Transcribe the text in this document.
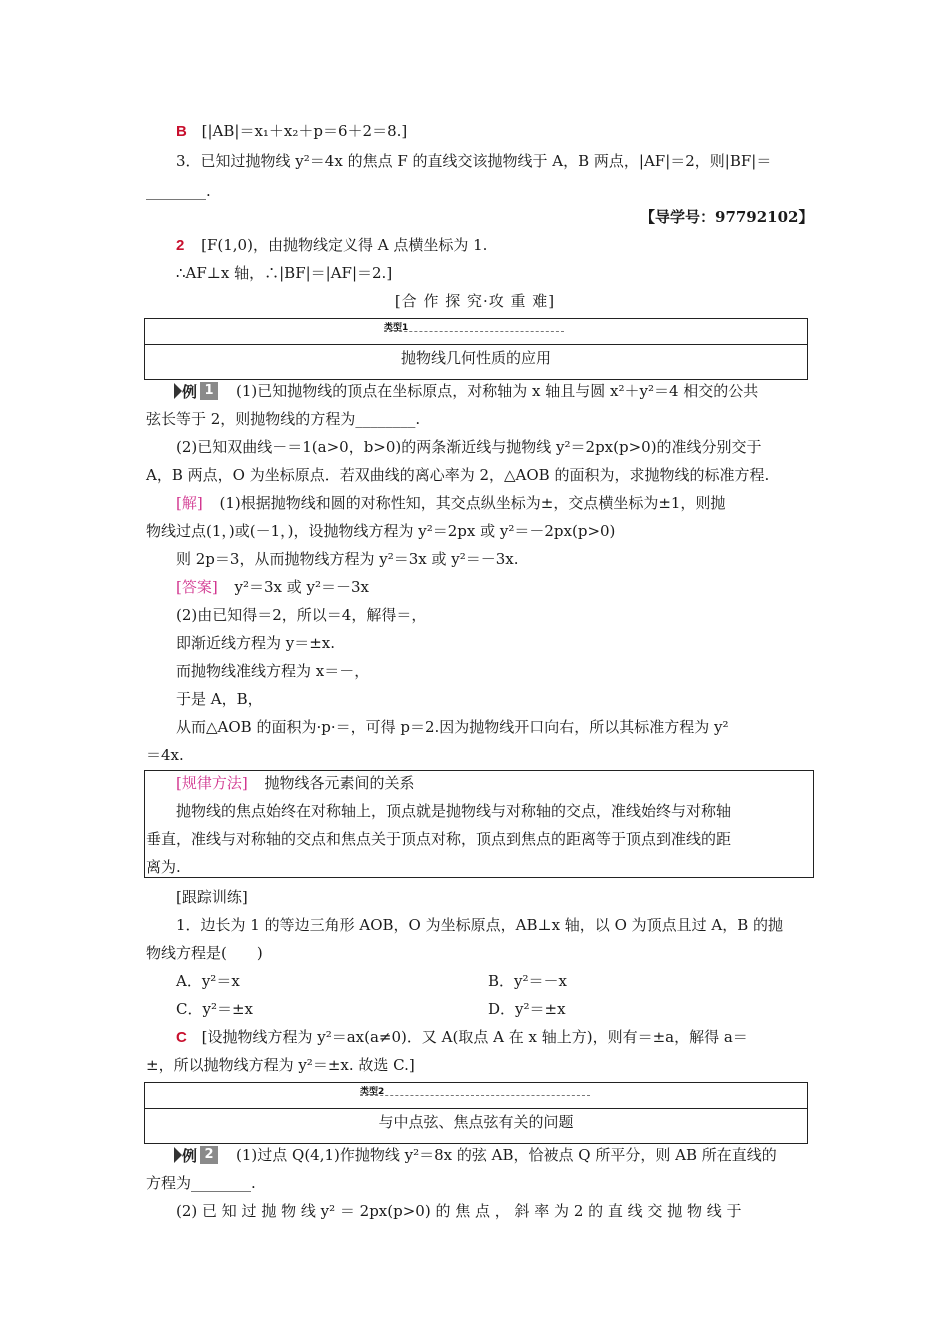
B [|AB|＝x₁＋x₂＋p＝6＋2＝8.]
3．已知过抛物线 y²＝4x 的焦点 F 的直线交该抛物线于 A，B 两点，|AF|＝2，则|BF|＝
________.
【导学号：97792102】
2 [F(1,0)，由抛物线定义得 A 点横坐标为 1.
∴AF⊥x 轴，∴|BF|＝|AF|＝2.]
[合 作 探 究·攻 重 难]
类型1
抛物线几何性质的应用
例 1 (1)已知抛物线的顶点在坐标原点，对称轴为 x 轴且与圆 x²＋y²＝4 相交的公共
弦长等于 2，则抛物线的方程为________.
(2)已知双曲线－＝1(a>0，b>0)的两条渐近线与抛物线 y²＝2px(p>0)的准线分别交于
A，B 两点，O 为坐标原点．若双曲线的离心率为 2，△AOB 的面积为，求抛物线的标准方程.
[解] (1)根据抛物线和圆的对称性知，其交点纵坐标为±，交点横坐标为±1，则抛
物线过点(1，)或(－1，)，设抛物线方程为 y²＝2px 或 y²＝－2px(p>0)
则 2p＝3，从而抛物线方程为 y²＝3x 或 y²＝－3x.
[答案] y²＝3x 或 y²＝－3x
(2)由已知得＝2，所以＝4，解得＝，
即渐近线方程为 y＝±x.
而抛物线准线方程为 x＝－，
于是 A，B，
从而△AOB 的面积为·p·＝，可得 p＝2.因为抛物线开口向右，所以其标准方程为 y²
＝4x.
[规律方法] 抛物线各元素间的关系
抛物线的焦点始终在对称轴上，顶点就是抛物线与对称轴的交点，准线始终与对称轴
垂直，准线与对称轴的交点和焦点关于顶点对称，顶点到焦点的距离等于顶点到准线的距
离为.
[跟踪训练]
1．边长为 1 的等边三角形 AOB，O 为坐标原点，AB⊥x 轴，以 O 为顶点且过 A，B 的抛
物线方程是(　　)
A．y²＝x	B．y²＝－x
C．y²＝±x	D．y²＝±x
C [设抛物线方程为 y²＝ax(a≠0)．又 A(取点 A 在 x 轴上方)，则有＝±a，解得 a＝
±，所以抛物线方程为 y²＝±x. 故选 C.]
类型2
与中点弦、焦点弦有关的问题
例 2 (1)过点 Q(4,1)作抛物线 y²＝8x 的弦 AB，恰被点 Q 所平分，则 AB 所在直线的
方程为________.
(2) 已 知 过 抛 物 线 y² ＝ 2px(p>0) 的 焦 点 ， 斜 率 为 2 的 直 线 交 抛 物 线 于
